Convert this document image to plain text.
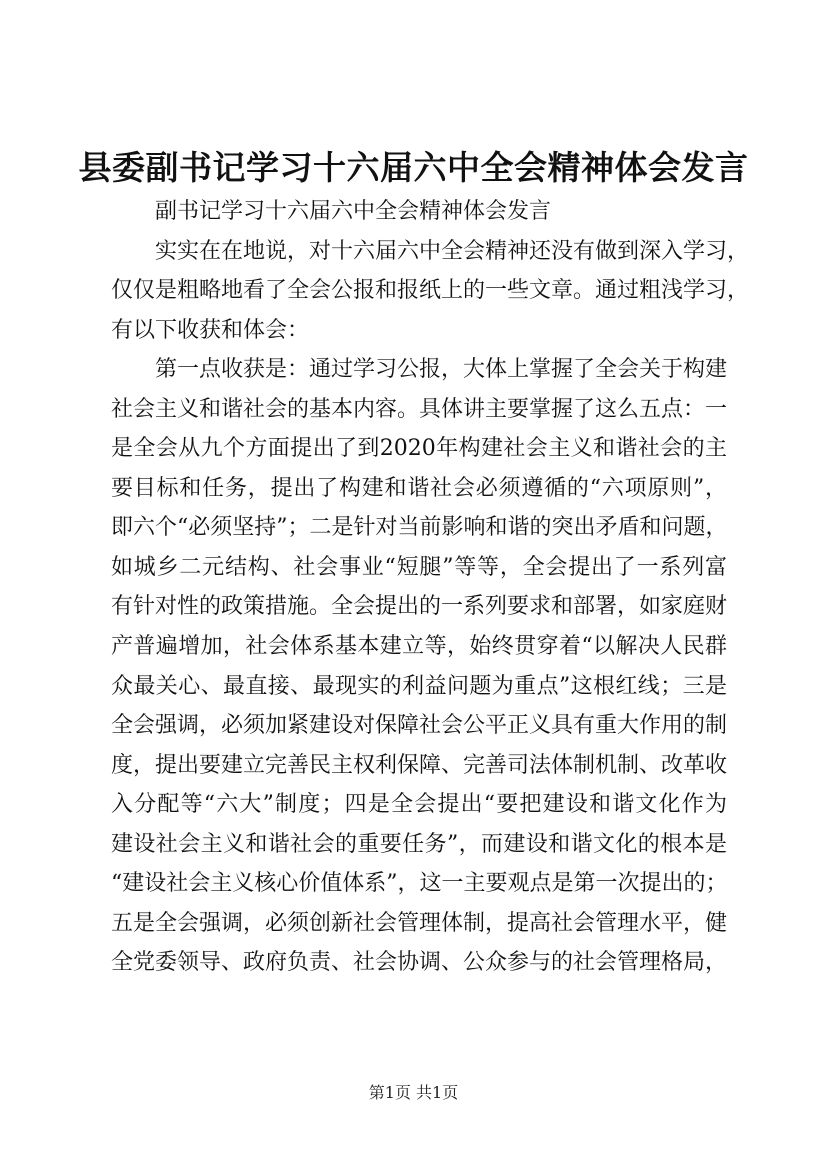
县委副书记学习十六届六中全会精神体会发言
副书记学习十六届六中全会精神体会发言
实实在在地说，对十六届六中全会精神还没有做到深入学习，
仅仅是粗略地看了全会公报和报纸上的一些文章。通过粗浅学习，
有以下收获和体会：
第一点收获是：通过学习公报，大体上掌握了全会关于构建
社会主义和谐社会的基本内容。具体讲主要掌握了这么五点：一
是全会从九个方面提出了到2020年构建社会主义和谐社会的主
要目标和任务，提出了构建和谐社会必须遵循的“六项原则”，
即六个“必须坚持”；二是针对当前影响和谐的突出矛盾和问题，
如城乡二元结构、社会事业“短腿”等等，全会提出了一系列富
有针对性的政策措施。全会提出的一系列要求和部署，如家庭财
产普遍增加，社会体系基本建立等，始终贯穿着“以解决人民群
众最关心、最直接、最现实的利益问题为重点”这根红线；三是
全会强调，必须加紧建设对保障社会公平正义具有重大作用的制
度，提出要建立完善民主权利保障、完善司法体制机制、改革收
入分配等“六大”制度；四是全会提出“要把建设和谐文化作为
建设社会主义和谐社会的重要任务”，而建设和谐文化的根本是
“建设社会主义核心价值体系”，这一主要观点是第一次提出的；
五是全会强调，必须创新社会管理体制，提高社会管理水平，健
全党委领导、政府负责、社会协调、公众参与的社会管理格局，
第1页 共1页
